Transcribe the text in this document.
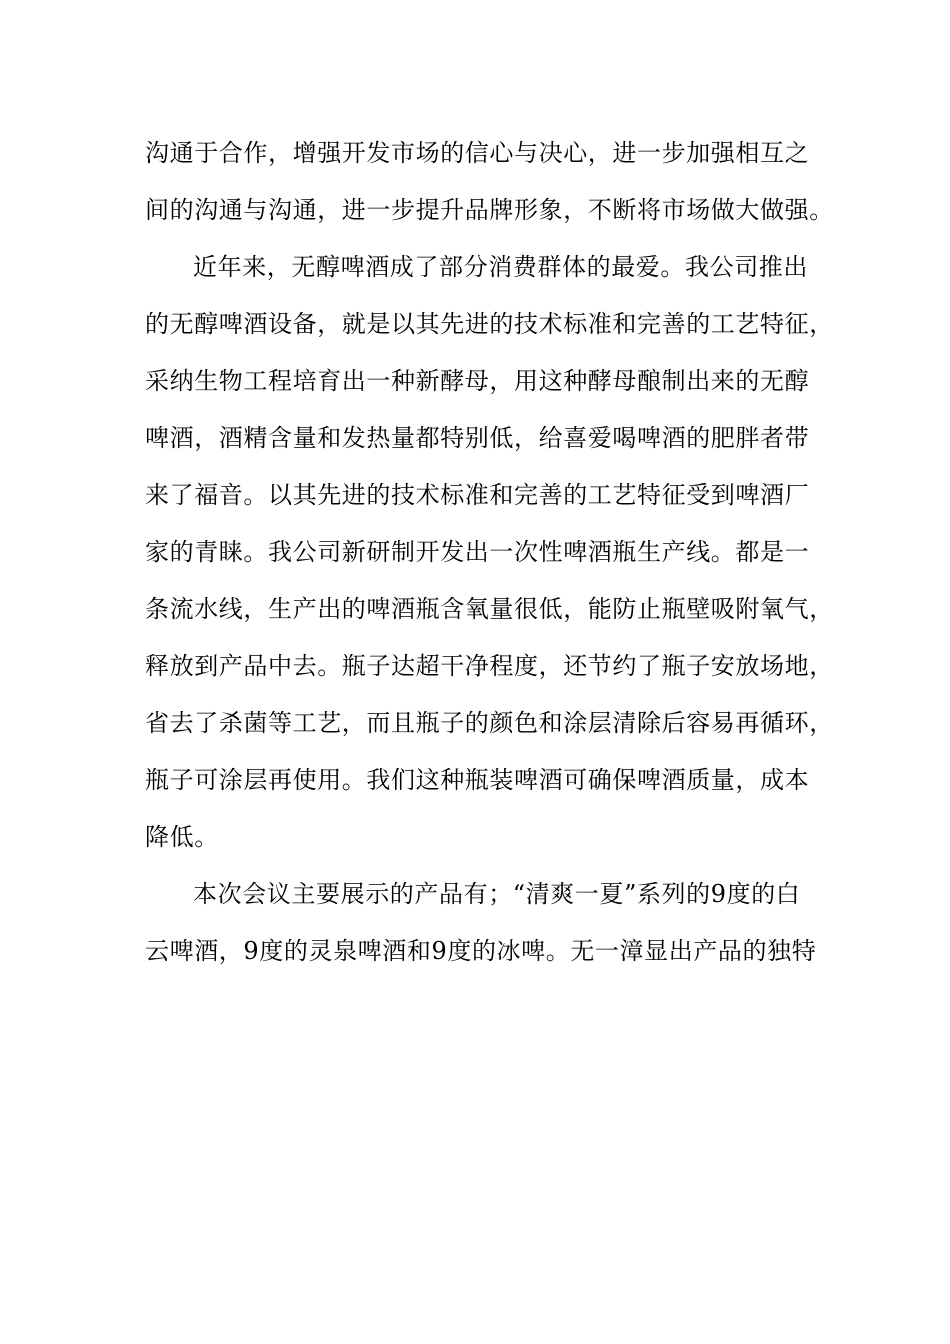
沟通于合作，增强开发市场的信心与决心，进一步加强相互之
间的沟通与沟通，进一步提升品牌形象，不断将市场做大做强。
近年来，无醇啤酒成了部分消费群体的最爱。我公司推出
的无醇啤酒设备，就是以其先进的技术标准和完善的工艺特征，
采纳生物工程培育出一种新酵母，用这种酵母酿制出来的无醇
啤酒，酒精含量和发热量都特别低，给喜爱喝啤酒的肥胖者带
来了福音。以其先进的技术标准和完善的工艺特征受到啤酒厂
家的青睐。我公司新研制开发出一次性啤酒瓶生产线。都是一
条流水线，生产出的啤酒瓶含氧量很低，能防止瓶壁吸附氧气，
释放到产品中去。瓶子达超干净程度，还节约了瓶子安放场地，
省去了杀菌等工艺，而且瓶子的颜色和涂层清除后容易再循环，
瓶子可涂层再使用。我们这种瓶装啤酒可确保啤酒质量，成本
降低。
本次会议主要展示的产品有；“清爽一夏”系列的9度的白
云啤酒，9度的灵泉啤酒和9度的冰啤。无一漳显出产品的独特
